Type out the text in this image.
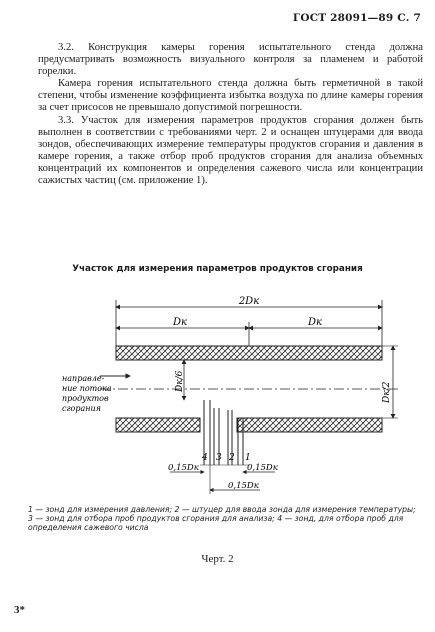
ГОСТ 28091—89 С. 7

3.2. Конструкция камеры горения испытательного стенда должна предусматривать возможность визуального контроля за пламенем и работой горелки.

Камера горения испытательного стенда должна быть герметичной в такой степени, чтобы изменение коэффициента избытка воздуха по длине камеры горения за счет присосов не превышало допустимой погрешности.

3.3. Участок для измерения параметров продуктов сгорания должен быть выполнен в соответствии с требованиями черт. 2 и оснащен штуцерами для ввода зондов, обеспечивающих измерение температуры продуктов сгорания и давления в камере горения, а также отбор проб продуктов сгорания для анализа объемных концентраций их компонентов и определения сажевого числа или концентрации сажистых частиц (см. приложение 1).

Участок для измерения параметров продуктов сгорания
2Dк
Dк	Dк
направле-
ние потока
продуктов
сгорания
Dк/6
Dк/2
4 3 2 1
0,15Dк	0,15Dк
0,15Dк
1 — зонд для измерения давления; 2 — штуцер для ввода зонда для измерения температуры; 3 — зонд для отбора проб продуктов сгорания для анализа; 4 — зонд, для отбора проб для определения сажевого числа
Черт. 2
3*
